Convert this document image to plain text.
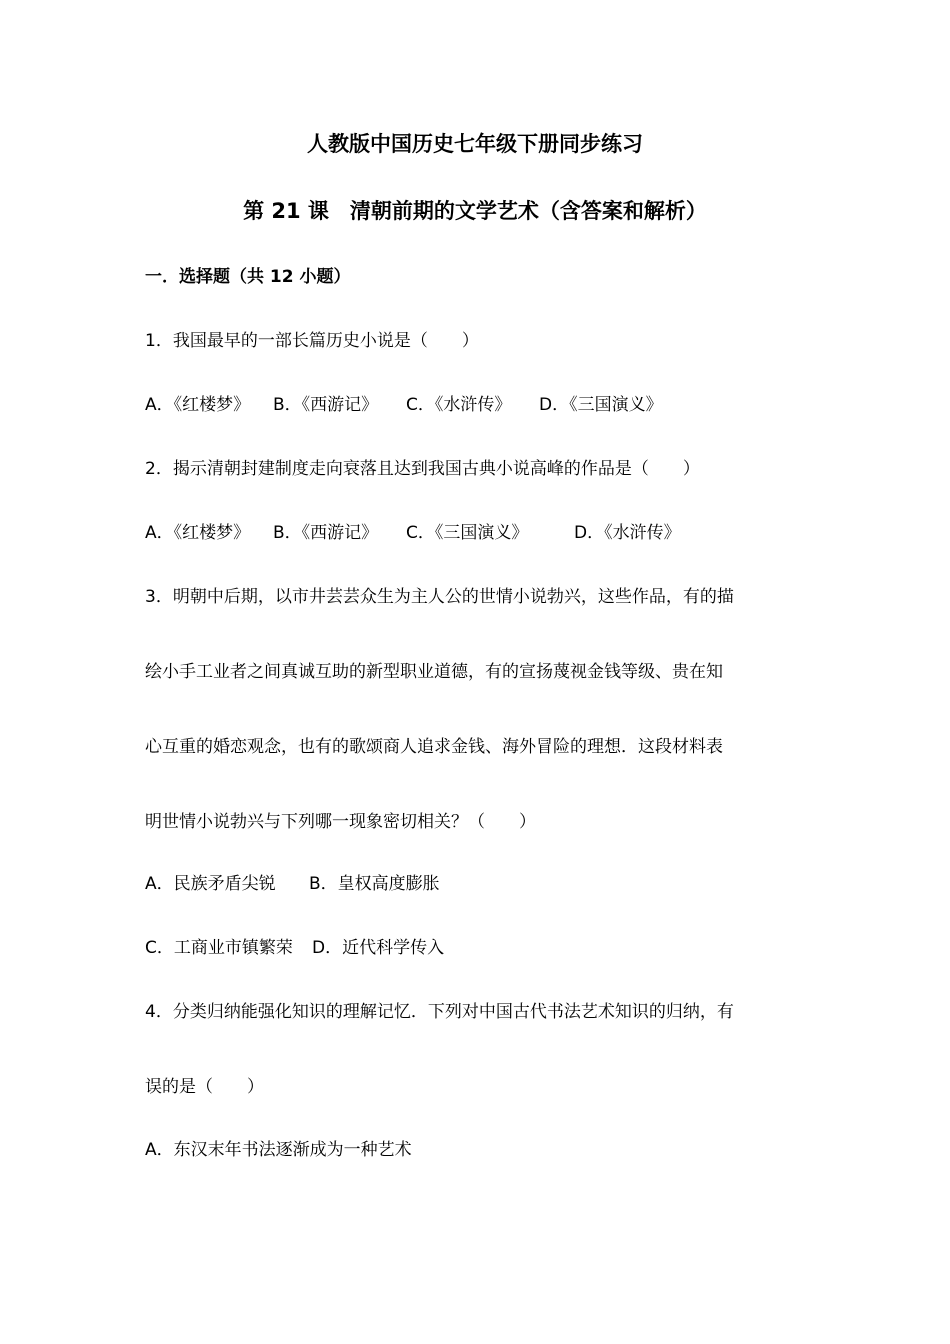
人教版中国历史七年级下册同步练习
第 21 课　清朝前期的文学艺术（含答案和解析）
一．选择题（共 12 小题）
1．我国最早的一部长篇历史小说是（　　）
A．《红楼梦》 B．《西游记》 C．《水浒传》 D．《三国演义》
2．揭示清朝封建制度走向衰落且达到我国古典小说高峰的作品是（　　）
A．《红楼梦》 B．《西游记》 C．《三国演义》	D．《水浒传》
3．明朝中后期，以市井芸芸众生为主人公的世情小说勃兴，这些作品，有的描
绘小手工业者之间真诚互助的新型职业道德，有的宣扬蔑视金钱等级、贵在知
心互重的婚恋观念，也有的歌颂商人追求金钱、海外冒险的理想．这段材料表
明世情小说勃兴与下列哪一现象密切相关？（　　）
A．民族矛盾尖锐 B．皇权高度膨胀
C．工商业市镇繁荣 D．近代科学传入
4．分类归纳能强化知识的理解记忆．下列对中国古代书法艺术知识的归纳，有
误的是（　　）
A．东汉末年书法逐渐成为一种艺术
